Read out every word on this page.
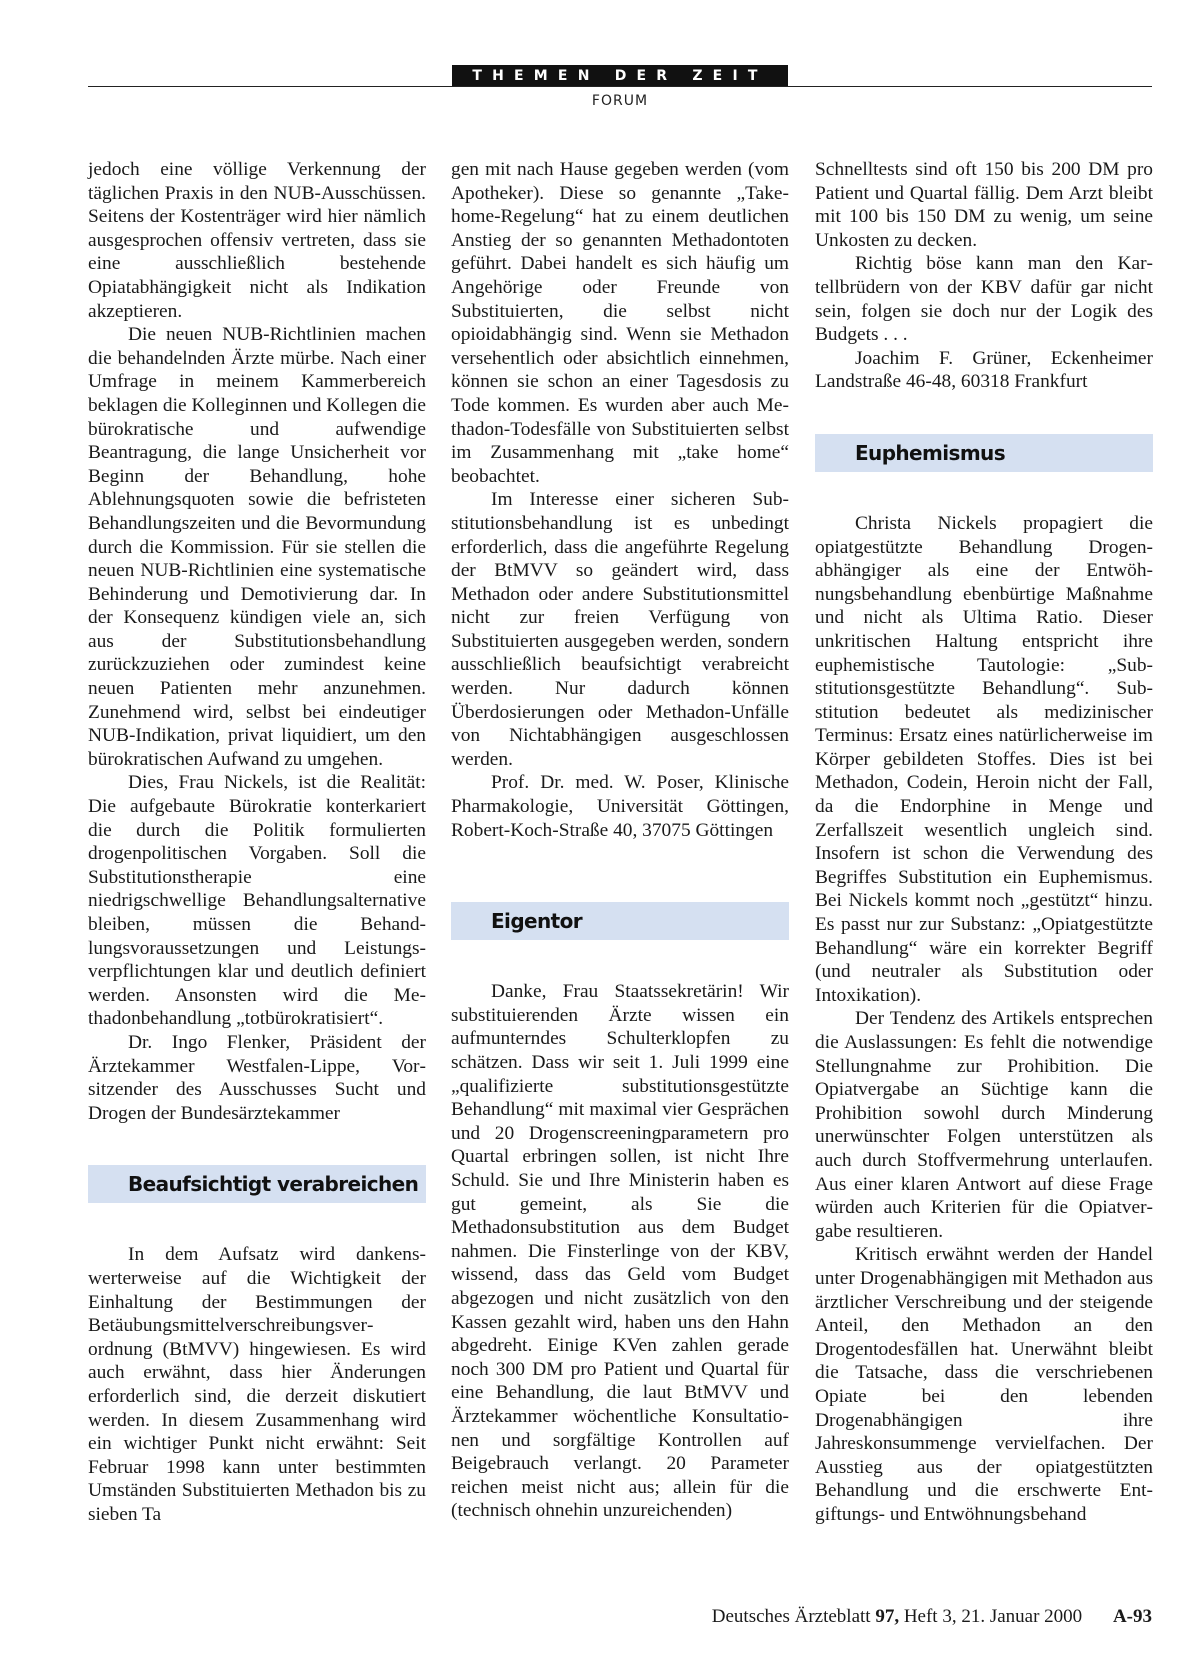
THEMEN DER ZEIT
FORUM

jedoch eine völlige Verkennung der täglichen Praxis in den NUB-Ausschüssen. Seitens der Kostenträger wird hier nämlich ausgesprochen offensiv vertreten, dass sie eine ausschließlich bestehende Opiatabhängigkeit nicht als Indikation akzeptieren.

Die neuen NUB-Richtlinien machen die behandelnden Ärzte mürbe. Nach einer Umfrage in meinem Kammerbereich beklagen die Kolleginnen und Kollegen die bürokratische und aufwendige Beantragung, die lange Unsicherheit vor Beginn der Behandlung, hohe Ablehnungsquoten sowie die befristeten Behandlungszeiten und die Bevormundung durch die Kommission. Für sie stellen die neuen NUB-Richtlinien eine systematische Behinderung und Demotivierung dar. In der Konsequenz kündigen viele an, sich aus der Substitutionsbehandlung zurückzuziehen oder zumindest keine neuen Patienten mehr anzunehmen. Zunehmend wird, selbst bei eindeutiger NUB-Indikation, privat liquidiert, um den bürokratischen Aufwand zu umgehen.

Dies, Frau Nickels, ist die Realität: Die aufgebaute Bürokratie konterkariert die durch die Politik formulierten drogenpolitischen Vorgaben. Soll die Substitutionstherapie eine niedrigschwellige Behandlungsalternative bleiben, müssen die Behandlungsvoraussetzungen und Leistungsverpflichtungen klar und deutlich definiert werden. Ansonsten wird die Methadonbehandlung „totbürokratisiert“.

Dr. Ingo Flenker, Präsident der Ärztekammer Westfalen-Lippe, Vorsitzender des Ausschusses Sucht und Drogen der Bundesärztekammer

Beaufsichtigt verabreichen

In dem Aufsatz wird dankenswerterweise auf die Wichtigkeit der Einhaltung der Bestimmungen der Betäubungsmittelverschreibungsverordnung (BtMVV) hingewiesen. Es wird auch erwähnt, dass hier Änderungen erforderlich sind, die derzeit diskutiert werden. In diesem Zusammenhang wird ein wichtiger Punkt nicht erwähnt: Seit Februar 1998 kann unter bestimmten Umständen Substituierten Methadon bis zu sieben Ta

gen mit nach Hause gegeben werden (vom Apotheker). Diese so genannte „Take-home-Regelung“ hat zu einem deutlichen Anstieg der so genannten Methadontoten geführt. Dabei handelt es sich häufig um Angehörige oder Freunde von Substituierten, die selbst nicht opioidabhängig sind. Wenn sie Methadon versehentlich oder absichtlich einnehmen, können sie schon an einer Tagesdosis zu Tode kommen. Es wurden aber auch Methadon-Todesfälle von Substituierten selbst im Zusammenhang mit „take home“ beobachtet.

Im Interesse einer sicheren Substitutionsbehandlung ist es unbedingt erforderlich, dass die angeführte Regelung der BtMVV so geändert wird, dass Methadon oder andere Substitutionsmittel nicht zur freien Verfügung von Substituierten ausgegeben werden, sondern ausschließlich beaufsichtigt verabreicht werden. Nur dadurch können Überdosierungen oder Methadon-Unfälle von Nichtabhängigen ausgeschlossen werden.

Prof. Dr. med. W. Poser, Klinische Pharmakologie, Universität Göttingen, Robert-Koch-Straße 40, 37075 Göttingen

Eigentor

Danke, Frau Staatssekretärin! Wir substituierenden Ärzte wissen ein aufmunterndes Schulterklopfen zu schätzen. Dass wir seit 1. Juli 1999 eine „qualifizierte substitutionsgestützte Behandlung“ mit maximal vier Gesprächen und 20 Drogenscreeningparametern pro Quartal erbringen sollen, ist nicht Ihre Schuld. Sie und Ihre Ministerin haben es gut gemeint, als Sie die Methadonsubstitution aus dem Budget nahmen. Die Finsterlinge von der KBV, wissend, dass das Geld vom Budget abgezogen und nicht zusätzlich von den Kassen gezahlt wird, haben uns den Hahn abgedreht. Einige KVen zahlen gerade noch 300 DM pro Patient und Quartal für eine Behandlung, die laut BtMVV und Ärztekammer wöchentliche Konsultationen und sorgfältige Kontrollen auf Beigebrauch verlangt. 20 Parameter reichen meist nicht aus; allein für die (technisch ohnehin unzureichenden)

Schnelltests sind oft 150 bis 200 DM pro Patient und Quartal fällig. Dem Arzt bleibt mit 100 bis 150 DM zu wenig, um seine Unkosten zu decken.

Richtig böse kann man den Kartellbrüdern von der KBV dafür gar nicht sein, folgen sie doch nur der Logik des Budgets . . .

Joachim F. Grüner, Eckenheimer Landstraße 46-48, 60318 Frankfurt

Euphemismus

Christa Nickels propagiert die opiatgestützte Behandlung Drogenabhängiger als eine der Entwöhnungsbehandlung ebenbürtige Maßnahme und nicht als Ultima Ratio. Dieser unkritischen Haltung entspricht ihre euphemistische Tautologie: „Substitutionsgestützte Behandlung“. Substitution bedeutet als medizinischer Terminus: Ersatz eines natürlicherweise im Körper gebildeten Stoffes. Dies ist bei Methadon, Codein, Heroin nicht der Fall, da die Endorphine in Menge und Zerfallszeit wesentlich ungleich sind. Insofern ist schon die Verwendung des Begriffes Substitution ein Euphemismus. Bei Nickels kommt noch „gestützt“ hinzu. Es passt nur zur Substanz: „Opiatgestützte Behandlung“ wäre ein korrekter Begriff (und neutraler als Substitution oder Intoxikation).

Der Tendenz des Artikels entsprechen die Auslassungen: Es fehlt die notwendige Stellungnahme zur Prohibition. Die Opiatvergabe an Süchtige kann die Prohibition sowohl durch Minderung unerwünschter Folgen unterstützen als auch durch Stoffvermehrung unterlaufen. Aus einer klaren Antwort auf diese Frage würden auch Kriterien für die Opiatvergabe resultieren.

Kritisch erwähnt werden der Handel unter Drogenabhängigen mit Methadon aus ärztlicher Verschreibung und der steigende Anteil, den Methadon an den Drogentodesfällen hat. Unerwähnt bleibt die Tatsache, dass die verschriebenen Opiate bei den lebenden Drogenabhängigen ihre Jahreskonsummenge vervielfachen. Der Ausstieg aus der opiatgestützten Behandlung und die erschwerte Entgiftungs- und Entwöhnungsbehand

Deutsches Ärzteblatt 97, Heft 3, 21. Januar 2000 A-93
